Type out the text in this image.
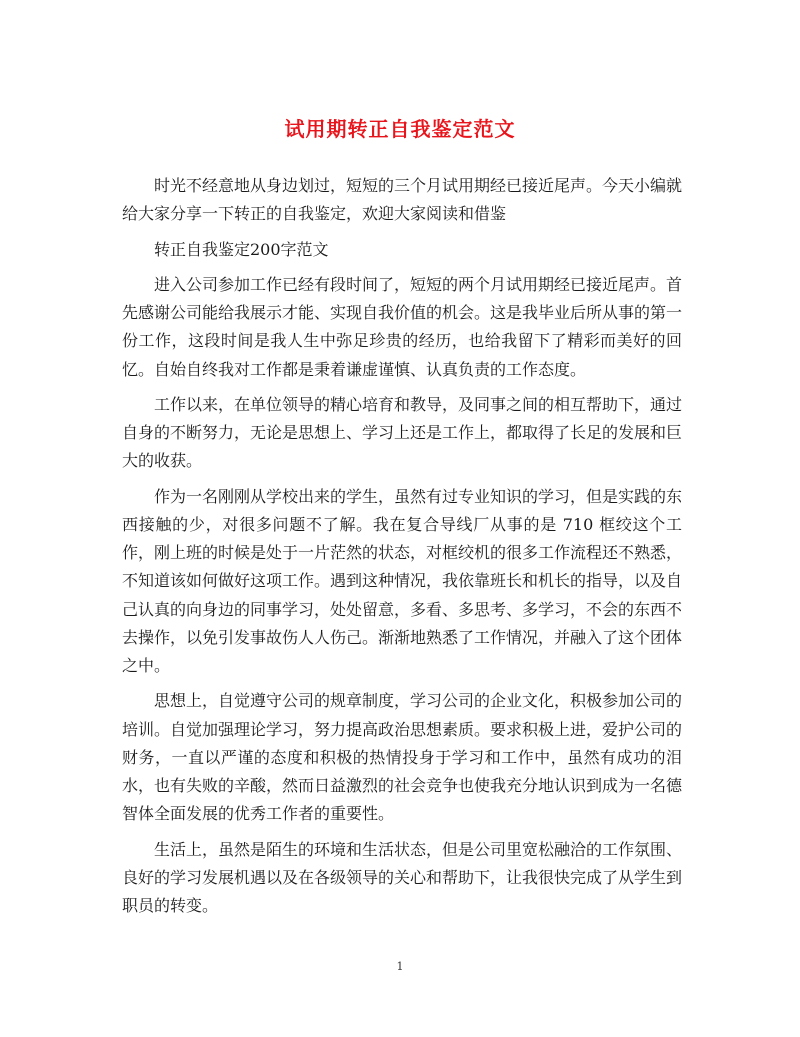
试用期转正自我鉴定范文

时光不经意地从身边划过，短短的三个月试用期经已接近尾声。今天小编就给大家分享一下转正的自我鉴定，欢迎大家阅读和借鉴

转正自我鉴定200字范文

进入公司参加工作已经有段时间了，短短的两个月试用期经已接近尾声。首先感谢公司能给我展示才能、实现自我价值的机会。这是我毕业后所从事的第一份工作，这段时间是我人生中弥足珍贵的经历，也给我留下了精彩而美好的回忆。自始自终我对工作都是秉着谦虚谨慎、认真负责的工作态度。

工作以来，在单位领导的精心培育和教导，及同事之间的相互帮助下，通过自身的不断努力，无论是思想上、学习上还是工作上，都取得了长足的发展和巨大的收获。

作为一名刚刚从学校出来的学生，虽然有过专业知识的学习，但是实践的东西接触的少，对很多问题不了解。我在复合导线厂从事的是 710 框绞这个工作，刚上班的时候是处于一片茫然的状态，对框绞机的很多工作流程还不熟悉，不知道该如何做好这项工作。遇到这种情况，我依靠班长和机长的指导，以及自己认真的向身边的同事学习，处处留意，多看、多思考、多学习，不会的东西不去操作，以免引发事故伤人人伤己。渐渐地熟悉了工作情况，并融入了这个团体之中。

思想上，自觉遵守公司的规章制度，学习公司的企业文化，积极参加公司的培训。自觉加强理论学习，努力提高政治思想素质。要求积极上进，爱护公司的财务，一直以严谨的态度和积极的热情投身于学习和工作中，虽然有成功的泪水，也有失败的辛酸，然而日益激烈的社会竞争也使我充分地认识到成为一名德智体全面发展的优秀工作者的重要性。

生活上，虽然是陌生的环境和生活状态，但是公司里宽松融洽的工作氛围、良好的学习发展机遇以及在各级领导的关心和帮助下，让我很快完成了从学生到职员的转变。

1
